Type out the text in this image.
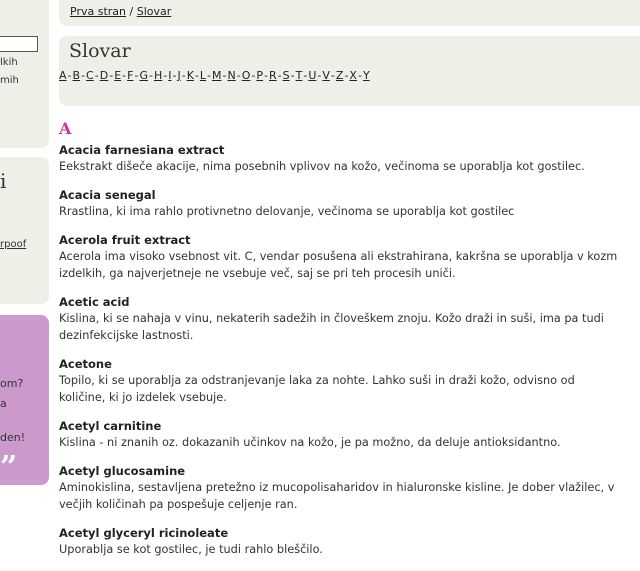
lkih
mih
i
rpoof
om?
a
den!
”
Prva stran / Slovar
Slovar
A-B-C-D-E-F-G-H-I-J-K-L-M-N-O-P-R-S-T-U-V-Z-X-Y
A
Acacia farnesiana extract
Eekstrakt dišeče akacije, nima posebnih vplivov na kožo, večinoma se uporablja kot gostilec.
Acacia senegal
Rrastlina, ki ima rahlo protivnetno delovanje, večinoma se uporablja kot gostilec
Acerola fruit extract
Acerola ima visoko vsebnost vit. C, vendar posušena ali ekstrahirana, kakršna se uporablja v kozm
izdelkih, ga najverjetneje ne vsebuje več, saj se pri teh procesih uniči.
Acetic acid
Kislina, ki se nahaja v vinu, nekaterih sadežih in človeškem znoju. Kožo draži in suši, ima pa tudi
dezinfekcijske lastnosti.
Acetone
Topilo, ki se uporablja za odstranjevanje laka za nohte. Lahko suši in draži kožo, odvisno od
količine, ki jo izdelek vsebuje.
Acetyl carnitine
Kislina - ni znanih oz. dokazanih učinkov na kožo, je pa možno, da deluje antioksidantno.
Acetyl glucosamine
Aminokislina, sestavljena pretežno iz mucopolisaharidov in hialuronske kisline. Je dober vlažilec, v
večjih količinah pa pospešuje celjenje ran.
Acetyl glyceryl ricinoleate
Uporablja se kot gostilec, je tudi rahlo bleščilo.
